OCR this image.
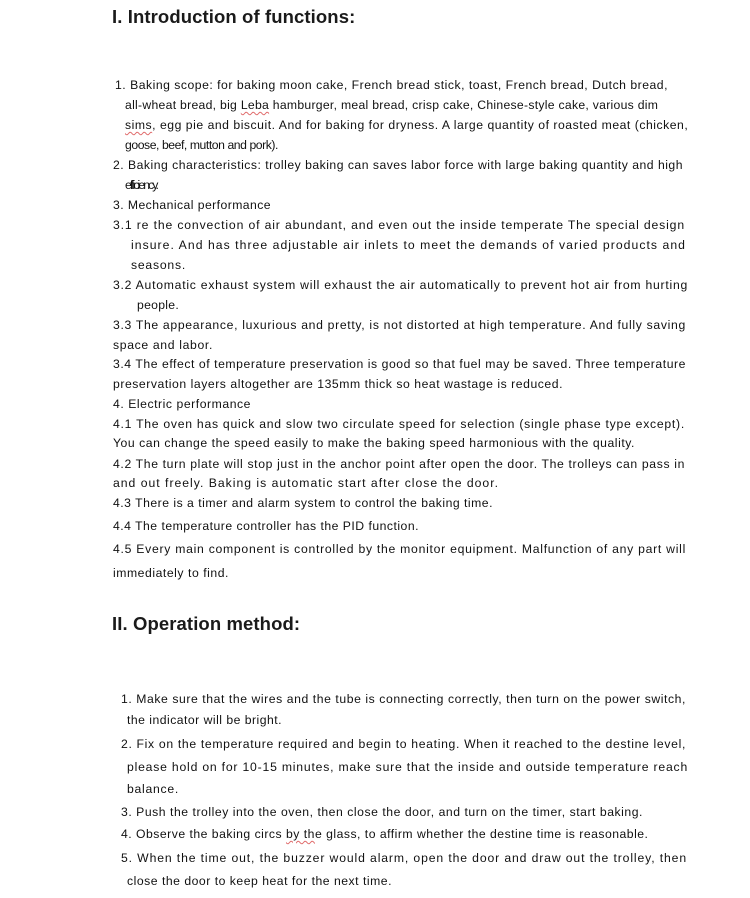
I. Introduction of functions:

1. Baking scope: for baking moon cake, French bread stick, toast, French bread, Dutch bread,

all-wheat bread, big Leba hamburger, meal bread, crisp cake, Chinese-style cake, various dim

sims, egg pie and biscuit. And for baking for dryness. A large quantity of roasted meat (chicken,

goose, beef, mutton and pork).

2. Baking characteristics: trolley baking can saves labor force with large baking quantity and high

efficiency.

3. Mechanical performance

3.1 re the convection of air abundant, and even out the inside temperate The special design

insure. And has three adjustable air inlets to meet the demands of varied products and

seasons.

3.2 Automatic exhaust system will exhaust the air automatically to prevent hot air from hurting

people.

3.3 The appearance, luxurious and pretty, is not distorted at high temperature. And fully saving

space and labor.

3.4 The effect of temperature preservation is good so that fuel may be saved. Three temperature

preservation layers altogether are 135mm thick so heat wastage is reduced.

4. Electric performance

4.1 The oven has quick and slow two circulate speed for selection (single phase type except).

You can change the speed easily to make the baking speed harmonious with the quality.

4.2 The turn plate will stop just in the anchor point after open the door. The trolleys can pass in

and out freely. Baking is automatic start after close the door.

4.3 There is a timer and alarm system to control the baking time.

4.4 The temperature controller has the PID function.

4.5 Every main component is controlled by the monitor equipment. Malfunction of any part will

immediately to find.

II. Operation method:

1. Make sure that the wires and the tube is connecting correctly, then turn on the power switch,

the indicator will be bright.

2. Fix on the temperature required and begin to heating. When it reached to the destine level,

please hold on for 10-15 minutes, make sure that the inside and outside temperature reach

balance.

3. Push the trolley into the oven, then close the door, and turn on the timer, start baking.

4. Observe the baking circs by the glass, to affirm whether the destine time is reasonable.

5. When the time out, the buzzer would alarm, open the door and draw out the trolley, then

close the door to keep heat for the next time.
